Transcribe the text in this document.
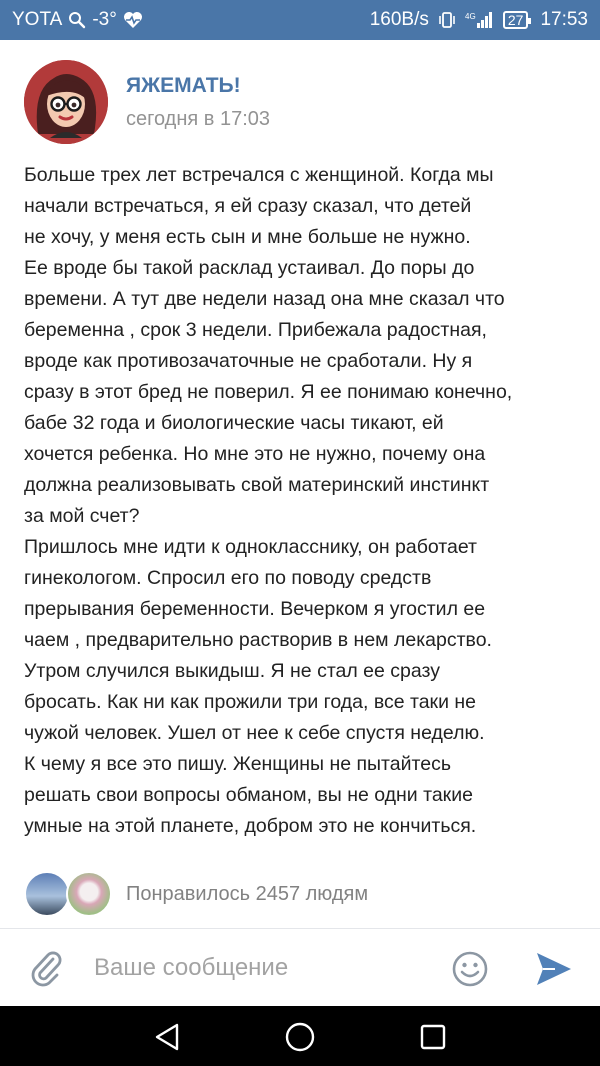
YOTA -3°	160B/s	4G	27 17:53
ЯЖЕМАТЬ!
сегодня в 17:03

Больше трех лет встречался с женщиной. Когда мы

начали встречаться, я ей сразу сказал, что детей

не хочу, у меня есть сын и мне больше не нужно.

Ее вроде бы такой расклад устаивал. До поры до

времени. А тут две недели назад она мне сказал что

беременна , срок 3 недели. Прибежала радостная,

вроде как противозачаточные не сработали. Ну я

сразу в этот бред не поверил. Я ее понимаю конечно,

бабе 32 года и биологические часы тикают, ей

хочется ребенка. Но мне это не нужно, почему она

должна реализовывать свой материнский инстинкт

за мой счет?

Пришлось мне идти к однокласснику, он работает

гинекологом. Спросил его по поводу средств

прерывания беременности. Вечерком я угостил ее

чаем , предварительно растворив в нем лекарство.

Утром случился выкидыш. Я не стал ее сразу

бросать. Как ни как прожили три года, все таки не

чужой человек. Ушел от нее к себе спустя неделю.

К чему я все это пишу. Женщины не пытайтесь

решать свои вопросы обманом, вы не одни такие

умные на этой планете, добром это не кончиться.

Понравилось 2457 людям
Ваше сообщение
